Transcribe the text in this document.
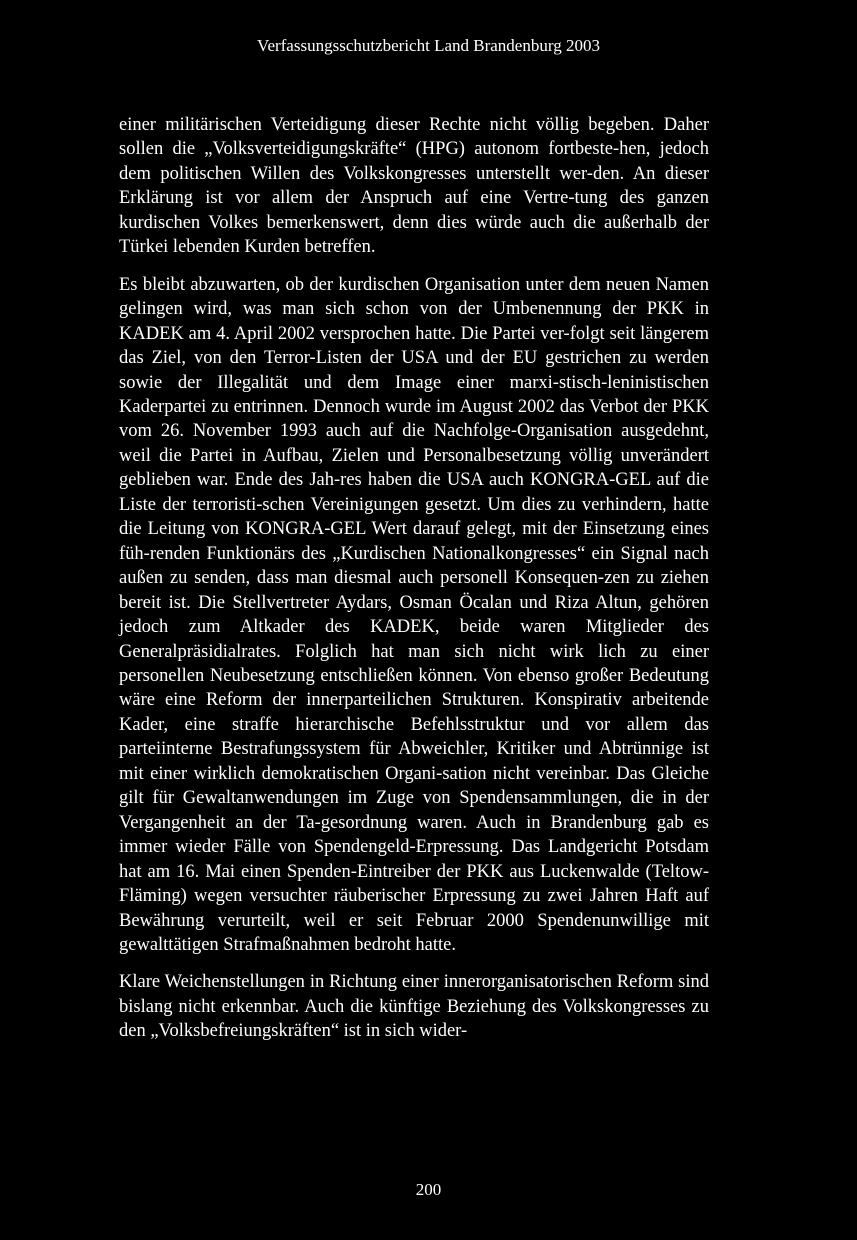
Verfassungsschutzbericht Land Brandenburg 2003

einer militärischen Verteidigung dieser Rechte nicht völlig begeben. Daher sollen die „Volksverteidigungskräfte“ (HPG) autonom fortbeste-hen, jedoch dem politischen Willen des Volkskongresses unterstellt wer-den. An dieser Erklärung ist vor allem der Anspruch auf eine Vertre-tung des ganzen kurdischen Volkes bemerkenswert, denn dies würde auch die außerhalb der Türkei lebenden Kurden betreffen.

Es bleibt abzuwarten, ob der kurdischen Organisation unter dem neuen Namen gelingen wird, was man sich schon von der Umbenennung der PKK in KADEK am 4. April 2002 versprochen hatte. Die Partei ver-folgt seit längerem das Ziel, von den Terror-Listen der USA und der EU gestrichen zu werden sowie der Illegalität und dem Image einer marxi-stisch-leninistischen Kaderpartei zu entrinnen. Dennoch wurde im August 2002 das Verbot der PKK vom 26. November 1993 auch auf die Nachfolge-Organisation ausgedehnt, weil die Partei in Aufbau, Zielen und Personalbesetzung völlig unverändert geblieben war. Ende des Jah-res haben die USA auch KONGRA-GEL auf die Liste der terroristi-schen Vereinigungen gesetzt. Um dies zu verhindern, hatte die Leitung von KONGRA-GEL Wert darauf gelegt, mit der Einsetzung eines füh-renden Funktionärs des „Kurdischen Nationalkongresses“ ein Signal nach außen zu senden, dass man diesmal auch personell Konsequen-zen zu ziehen bereit ist. Die Stellvertreter Aydars, Osman Öcalan und Riza Altun, gehören jedoch zum Altkader des KADEK, beide waren Mitglieder des Generalpräsidialrates. Folglich hat man sich nicht wirk lich zu einer personellen Neubesetzung entschließen können. Von ebenso großer Bedeutung wäre eine Reform der innerparteilichen Strukturen. Konspirativ arbeitende Kader, eine straffe hierarchische Befehlsstruktur und vor allem das parteiinterne Bestrafungssystem für Abweichler, Kritiker und Abtrünnige ist mit einer wirklich demokratischen Organi-sation nicht vereinbar. Das Gleiche gilt für Gewaltanwendungen im Zuge von Spendensammlungen, die in der Vergangenheit an der Ta-gesordnung waren. Auch in Brandenburg gab es immer wieder Fälle von Spendengeld-Erpressung. Das Landgericht Potsdam hat am 16. Mai einen Spenden-Eintreiber der PKK aus Luckenwalde (Teltow-Fläming) wegen versuchter räuberischer Erpressung zu zwei Jahren Haft auf Bewährung verurteilt, weil er seit Februar 2000 Spendenunwillige mit gewalttätigen Strafmaßnahmen bedroht hatte.

Klare Weichenstellungen in Richtung einer innerorganisatorischen Reform sind bislang nicht erkennbar. Auch die künftige Beziehung des Volkskongresses zu den „Volksbefreiungskräften“ ist in sich wider-

200
